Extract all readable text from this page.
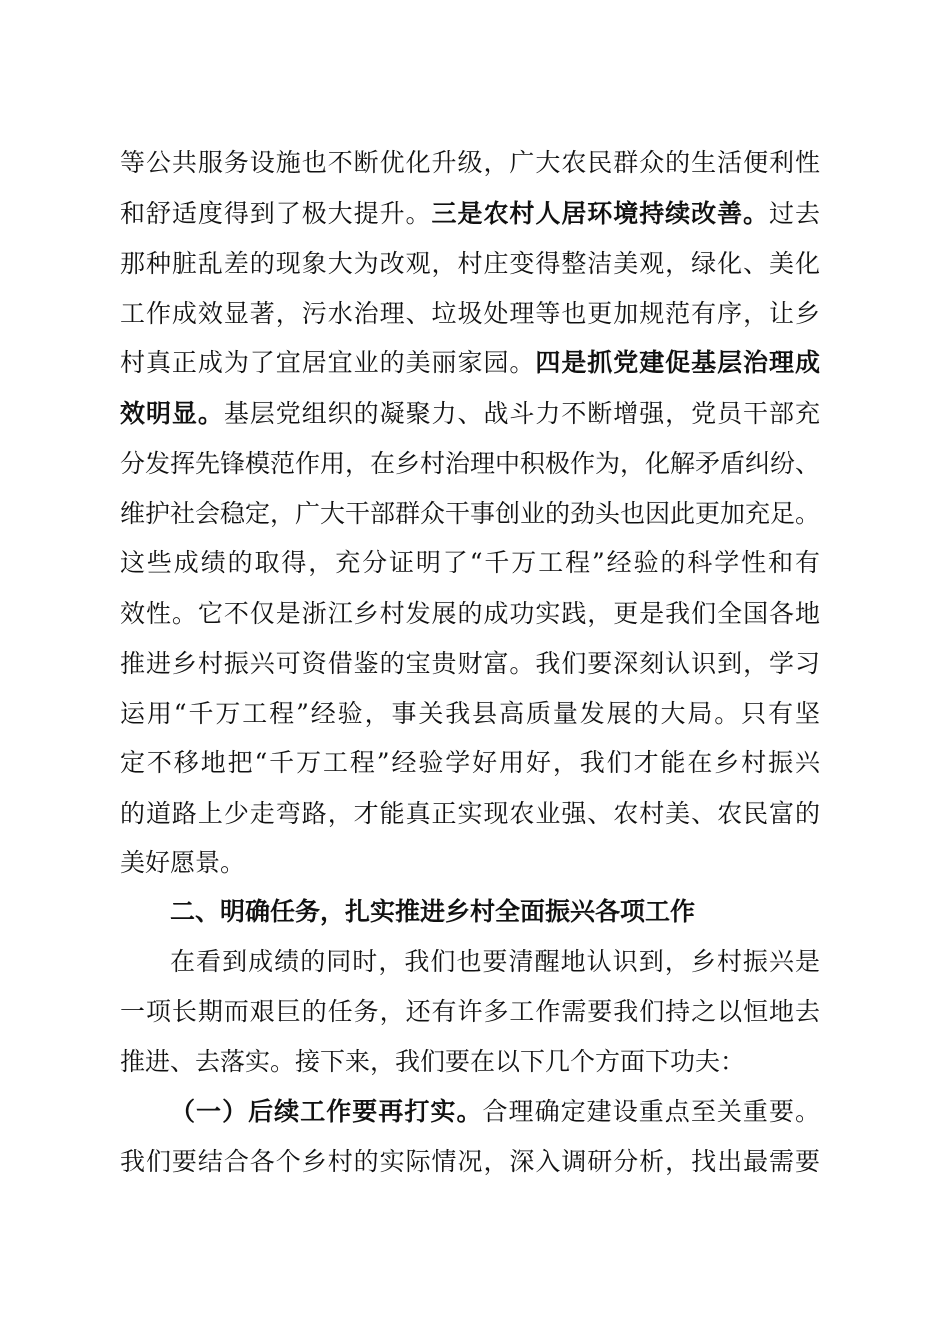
等公共服务设施也不断优化升级，广大农民群众的生活便利性
和舒适度得到了极大提升。三是农村人居环境持续改善。过去
那种脏乱差的现象大为改观，村庄变得整洁美观，绿化、美化
工作成效显著，污水治理、垃圾处理等也更加规范有序，让乡
村真正成为了宜居宜业的美丽家园。四是抓党建促基层治理成
效明显。基层党组织的凝聚力、战斗力不断增强，党员干部充
分发挥先锋模范作用，在乡村治理中积极作为，化解矛盾纠纷、
维护社会稳定，广大干部群众干事创业的劲头也因此更加充足。
这些成绩的取得，充分证明了“千万工程”经验的科学性和有
效性。它不仅是浙江乡村发展的成功实践，更是我们全国各地
推进乡村振兴可资借鉴的宝贵财富。我们要深刻认识到，学习
运用“千万工程”经验，事关我县高质量发展的大局。只有坚
定不移地把“千万工程”经验学好用好，我们才能在乡村振兴
的道路上少走弯路，才能真正实现农业强、农村美、农民富的
美好愿景。
二、明确任务，扎实推进乡村全面振兴各项工作
在看到成绩的同时，我们也要清醒地认识到，乡村振兴是
一项长期而艰巨的任务，还有许多工作需要我们持之以恒地去
推进、去落实。接下来，我们要在以下几个方面下功夫：
（一）后续工作要再打实。合理确定建设重点至关重要。
我们要结合各个乡村的实际情况，深入调研分析，找出最需要
